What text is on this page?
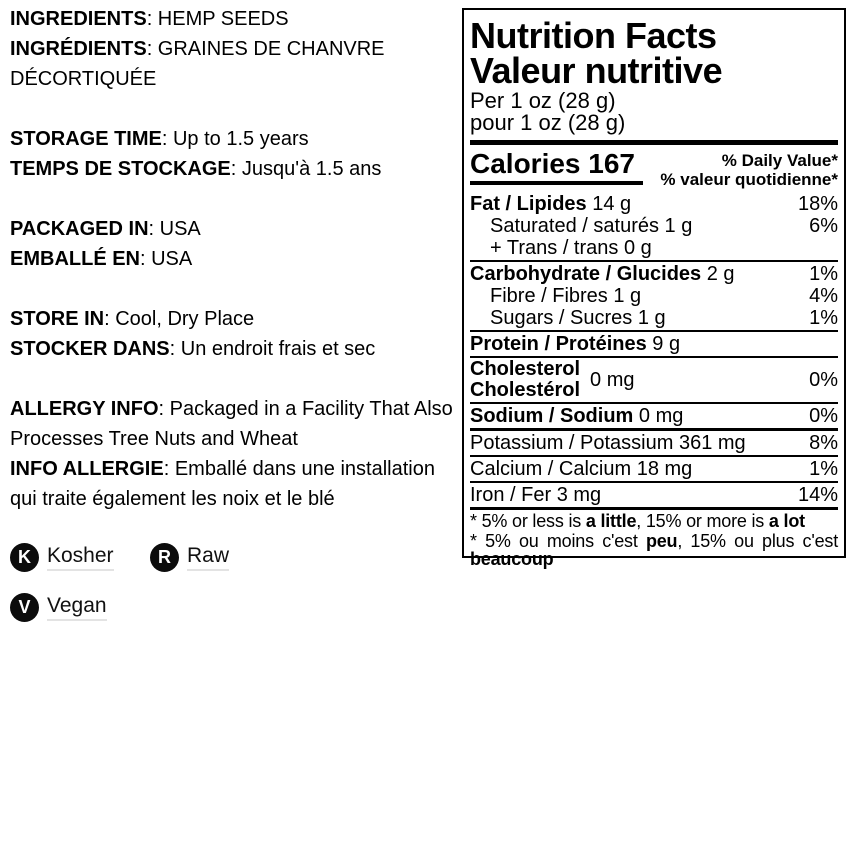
INGREDIENTS: HEMP SEEDS
INGRÉDIENTS: GRAINES DE CHANVRE DÉCORTIQUÉE
STORAGE TIME: Up to 1.5 years
TEMPS DE STOCKAGE: Jusqu'à 1.5 ans
PACKAGED IN: USA
EMBALLÉ EN: USA
STORE IN: Cool, Dry Place
STOCKER DANS: Un endroit frais et sec
ALLERGY INFO: Packaged in a Facility That Also Processes Tree Nuts and Wheat
INFO ALLERGIE: Emballé dans une installation qui traite également les noix et le blé
K Kosher	R Raw
V Vegan
Nutrition Facts
Valeur nutritive
Per 1 oz (28 g)
pour 1 oz (28 g)
Calories 167	% Daily Value*
% valeur quotidienne*
Fat / Lipides 14 g	18%
Saturated / saturés 1 g	6%
+ Trans / trans 0 g
Carbohydrate / Glucides 2 g	1%
Fibre / Fibres 1 g	4%
Sugars / Sucres 1 g	1%
Protein / Protéines 9 g
Cholesterol
Cholestérol 0 mg	0%
Sodium / Sodium 0 mg	0%
Potassium / Potassium 361 mg	8%
Calcium / Calcium 18 mg	1%
Iron / Fer 3 mg	14%

* 5% or less is a little, 15% or more is a lot

* 5% ou moins c'est peu, 15% ou plus c'est beaucoup
